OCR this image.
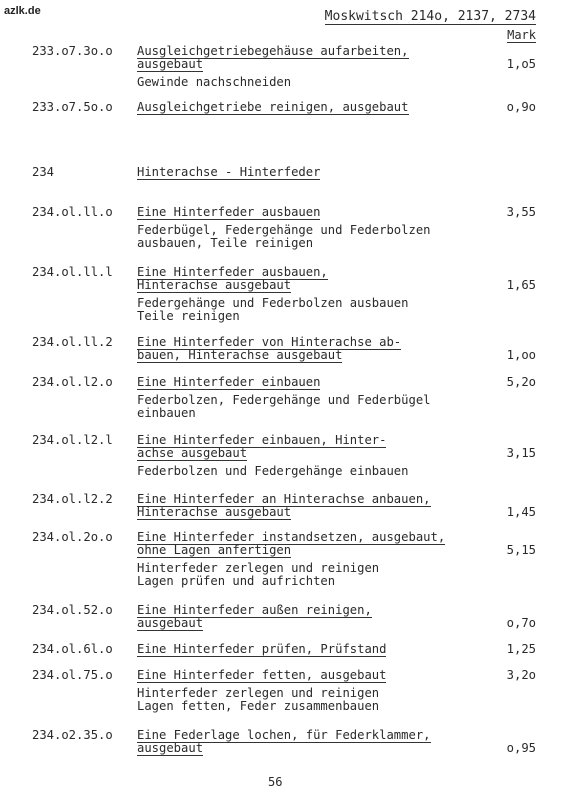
azlk.de	Moskwitsch 214o, 2137, 2734
Mark
233.o7.3o.o Ausgleichgetriebegehäuse aufarbeiten,
ausgebaut
Gewinde nachschneiden
1,o5
233.o7.5o.o Ausgleichgetriebe reinigen, ausgebaut	o,9o
234	Hinterachse - Hinterfeder
234.ol.ll.o Eine Hinterfeder ausbauen
Federbügel, Federgehänge und Federbolzen
ausbauen, Teile reinigen
3,55
234.ol.ll.l Eine Hinterfeder ausbauen,
Hinterachse ausgebaut
Federgehänge und Federbolzen ausbauen
Teile reinigen
1,65
234.ol.ll.2 Eine Hinterfeder von Hinterachse ab-
bauen, Hinterachse ausgebaut	1,oo
234.ol.l2.o Eine Hinterfeder einbauen
Federbolzen, Federgehänge und Federbügel
einbauen
5,2o
234.ol.l2.l Eine Hinterfeder einbauen, Hinter-
achse ausgebaut
Federbolzen und Federgehänge einbauen
3,15
234.ol.l2.2 Eine Hinterfeder an Hinterachse anbauen,
Hinterachse ausgebaut	1,45
234.ol.2o.o Eine Hinterfeder instandsetzen, ausgebaut,
ohne Lagen anfertigen
Hinterfeder zerlegen und reinigen
Lagen prüfen und aufrichten
5,15
234.ol.52.o Eine Hinterfeder außen reinigen,
ausgebaut	o,7o
234.ol.6l.o Eine Hinterfeder prüfen, Prüfstand	1,25
234.ol.75.o Eine Hinterfeder fetten, ausgebaut
Hinterfeder zerlegen und reinigen
Lagen fetten, Feder zusammenbauen
3,2o
234.o2.35.o Eine Federlage lochen, für Federklammer,
ausgebaut	o,95
56
